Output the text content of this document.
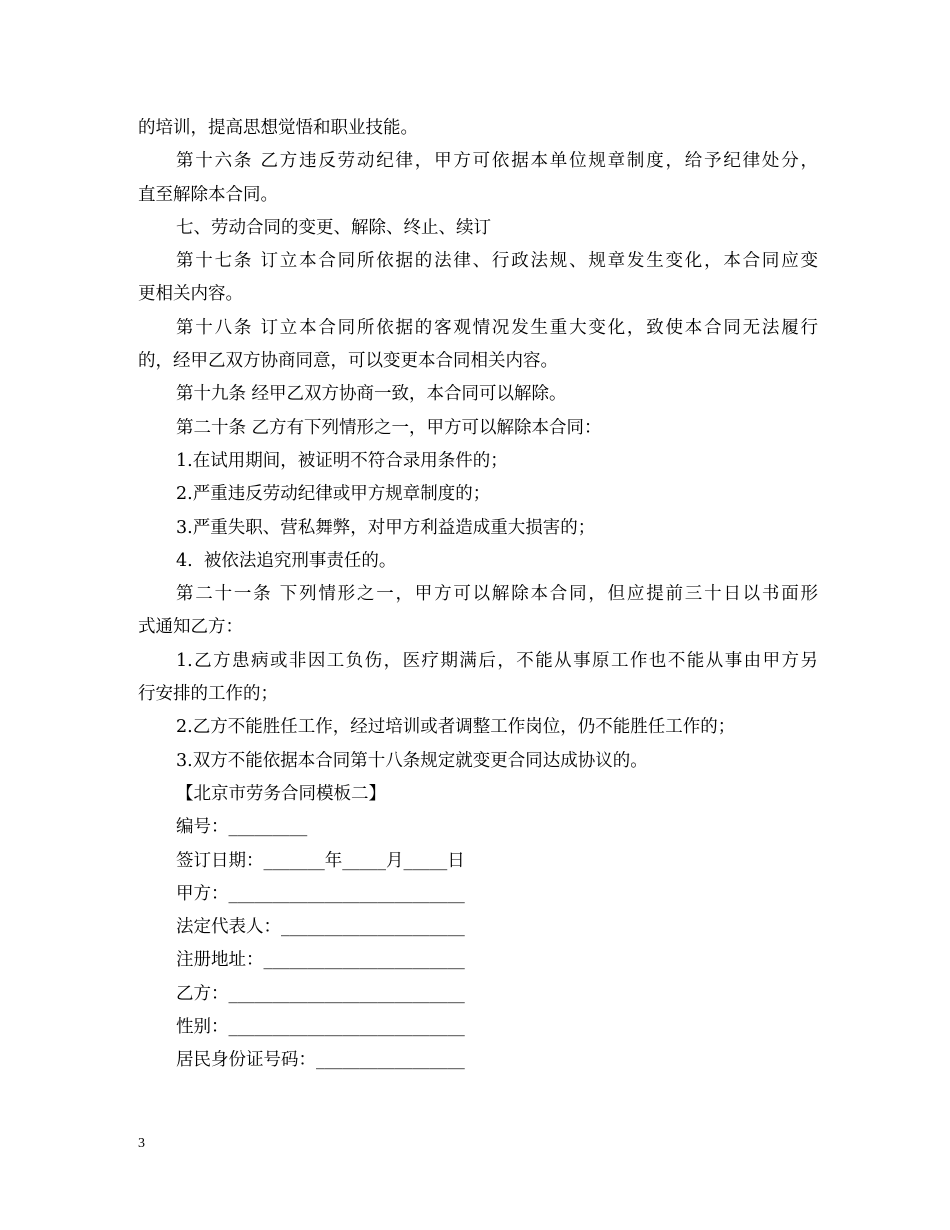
的培训，提高思想觉悟和职业技能。
第十六条 乙方违反劳动纪律，甲方可依据本单位规章制度，给予纪律处分，
直至解除本合同。
七、劳动合同的变更、解除、终止、续订
第十七条 订立本合同所依据的法律、行政法规、规章发生变化，本合同应变
更相关内容。
第十八条 订立本合同所依据的客观情况发生重大变化，致使本合同无法履行
的，经甲乙双方协商同意，可以变更本合同相关内容。
第十九条 经甲乙双方协商一致，本合同可以解除。
第二十条 乙方有下列情形之一，甲方可以解除本合同：
1.在试用期间，被证明不符合录用条件的；
2.严重违反劳动纪律或甲方规章制度的；
3.严重失职、营私舞弊，对甲方利益造成重大损害的；
4.  被依法追究刑事责任的。
第二十一条 下列情形之一，甲方可以解除本合同，但应提前三十日以书面形
式通知乙方：
1.乙方患病或非因工负伤，医疗期满后，不能从事原工作也不能从事由甲方另
行安排的工作的；
2.乙方不能胜任工作，经过培训或者调整工作岗位，仍不能胜任工作的；
3.双方不能依据本合同第十八条规定就变更合同达成协议的。
【北京市劳务合同模板二】
编号：_________
签订日期：_______年_____月_____日
甲方：___________________________
法定代表人：_____________________
注册地址：_______________________
乙方：___________________________
性别：___________________________
居民身份证号码：_________________
3
